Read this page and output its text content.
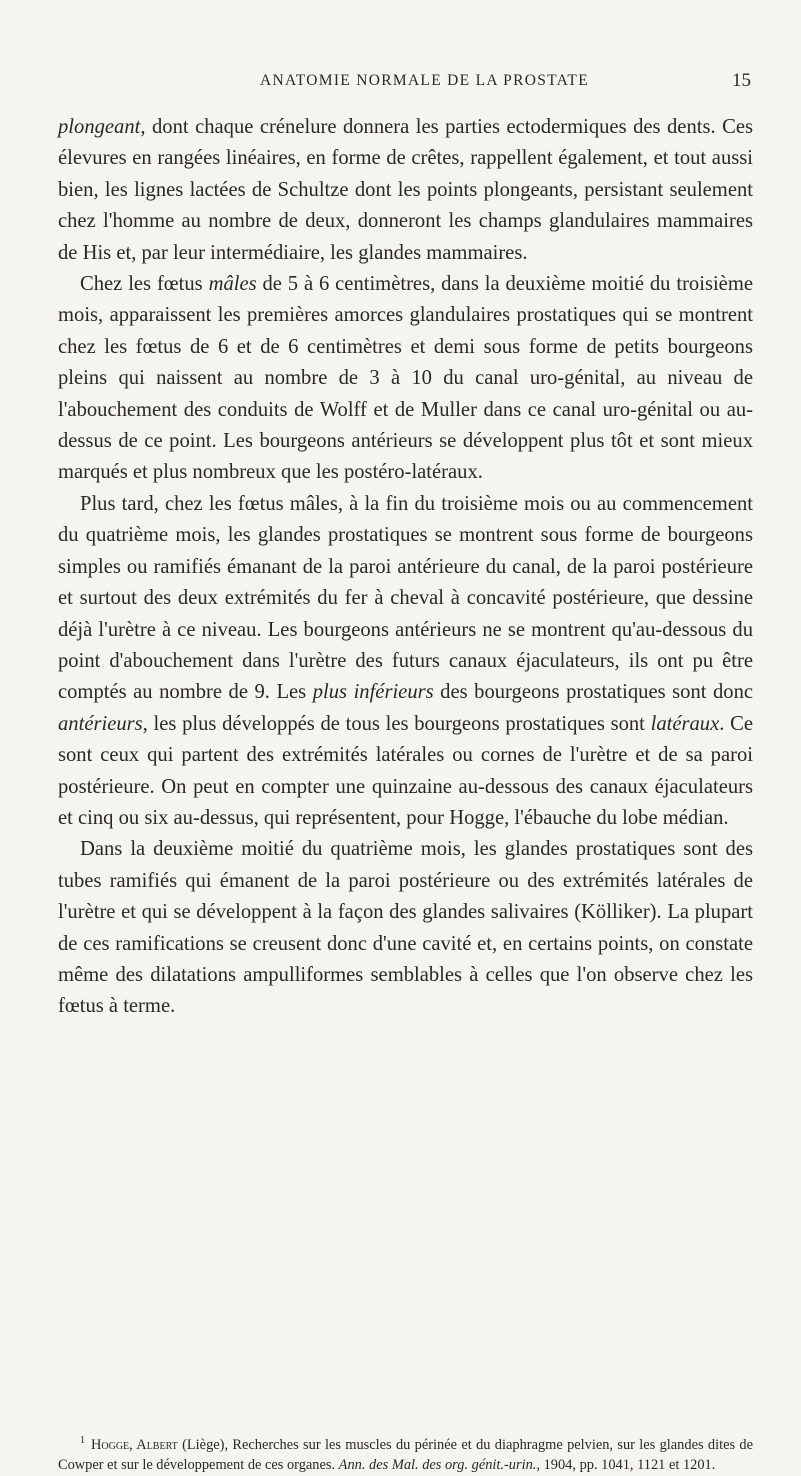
ANATOMIE NORMALE DE LA PROSTATE	15

plongeant, dont chaque crénelure donnera les parties ectodermiques des dents. Ces élevures en rangées linéaires, en forme de crêtes, rappellent également, et tout aussi bien, les lignes lactées de Schultze dont les points plongeants, persistant seulement chez l'homme au nombre de deux, donneront les champs glandulaires mammaires de His et, par leur intermédiaire, les glandes mammaires.

Chez les fœtus mâles de 5 à 6 centimètres, dans la deuxième moitié du troisième mois, apparaissent les premières amorces glandulaires prostatiques qui se montrent chez les fœtus de 6 et de 6 centimètres et demi sous forme de petits bourgeons pleins qui naissent au nombre de 3 à 10 du canal uro-génital, au niveau de l'abouchement des conduits de Wolff et de Muller dans ce canal uro-génital ou au-dessus de ce point. Les bourgeons antérieurs se développent plus tôt et sont mieux marqués et plus nombreux que les postéro-latéraux.

Plus tard, chez les fœtus mâles, à la fin du troisième mois ou au commencement du quatrième mois, les glandes prostatiques se montrent sous forme de bourgeons simples ou ramifiés émanant de la paroi antérieure du canal, de la paroi postérieure et surtout des deux extrémités du fer à cheval à concavité postérieure, que dessine déjà l'urètre à ce niveau. Les bourgeons antérieurs ne se montrent qu'au-dessous du point d'abouchement dans l'urètre des futurs canaux éjaculateurs, ils ont pu être comptés au nombre de 9. Les plus inférieurs des bourgeons prostatiques sont donc antérieurs, les plus développés de tous les bourgeons prostatiques sont latéraux. Ce sont ceux qui partent des extrémités latérales ou cornes de l'urètre et de sa paroi postérieure. On peut en compter une quinzaine au-dessous des canaux éjaculateurs et cinq ou six au-dessus, qui représentent, pour Hogge, l'ébauche du lobe médian.

Dans la deuxième moitié du quatrième mois, les glandes prostatiques sont des tubes ramifiés qui émanent de la paroi postérieure ou des extrémités latérales de l'urètre et qui se développent à la façon des glandes salivaires (Kölliker). La plupart de ces ramifications se creusent donc d'une cavité et, en certains points, on constate même des dilatations ampulliformes semblables à celles que l'on observe chez les fœtus à terme.

$^1$ Hogge, Albert (Liège), Recherches sur les muscles du périnée et du diaphragme pelvien, sur les glandes dites de Cowper et sur le développement de ces organes. Ann. des Mal. des org. génit.-urin., 1904, pp. 1041, 1121 et 1201.
